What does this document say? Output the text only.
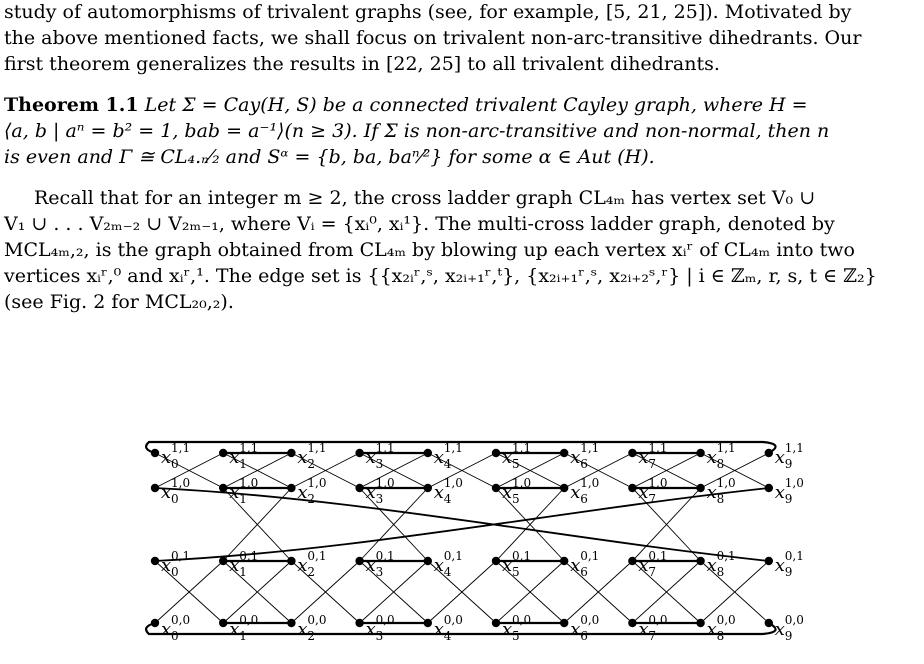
study of automorphisms of trivalent graphs (see, for example, [5, 21, 25]). Motivated by
the above mentioned facts, we shall focus on trivalent non-arc-transitive dihedrants. Our
first theorem generalizes the results in [22, 25] to all trivalent dihedrants.
Theorem 1.1 Let Σ = Cay(H, S) be a connected trivalent Cayley graph, where H =
⟨a, b | aⁿ = b² = 1, bab = a⁻¹⟩(n ≥ 3). If Σ is non-arc-transitive and non-normal, then n
is even and Γ ≅ CL₄.ₙ⁄₂ and Sᵅ = {b, ba, baⁿ⁄²} for some α ∈ Aut (H).
Recall that for an integer m ≥ 2, the cross ladder graph CL₄ₘ has vertex set V₀ ∪
V₁ ∪ . . . V₂ₘ₋₂ ∪ V₂ₘ₋₁, where Vᵢ = {xᵢ⁰, xᵢ¹}. The multi-cross ladder graph, denoted by
MCL₄ₘ,₂, is the graph obtained from CL₄ₘ by blowing up each vertex xᵢʳ of CL₄ₘ into two
vertices xᵢʳ,⁰ and xᵢʳ,¹. The edge set is {{x₂ᵢʳ,ˢ, x₂ᵢ₊₁ʳ,ᵗ}, {x₂ᵢ₊₁ʳ,ˢ, x₂ᵢ₊₂ˢ,ʳ} | i ∈ ℤₘ, r, s, t ∈ ℤ₂}
(see Fig. 2 for MCL₂₀,₂).
x 0
1,1 x 1
1,1 x 2
1,1 x 3
1,1 x 4
1,1 x 5
1,1 x 6
1,1 x 7
1,1 x 8
1,1 x 9
1,1
x 0
1,0 x 1
1,0 x 2
1,0 x 3
1,0 x 4
1,0 x 5
1,0 x 6
1,0 x 7
1,0 x 8
1,0 x 9
1,0
x 0
0,1 x 1
0,1 x 2
0,1 x 3
0,1 x 4
0,1 x 5
0,1 x 6
0,1 x 7
0,1 x 8
0,1 x 9
0,1
x 0
0,0 x 1
0,0 x 2
0,0 x 3
0,0 x 4
0,0 x 5
0,0 x 6
0,0 x 7
0,0 x 8
0,0 x 9
0,0
